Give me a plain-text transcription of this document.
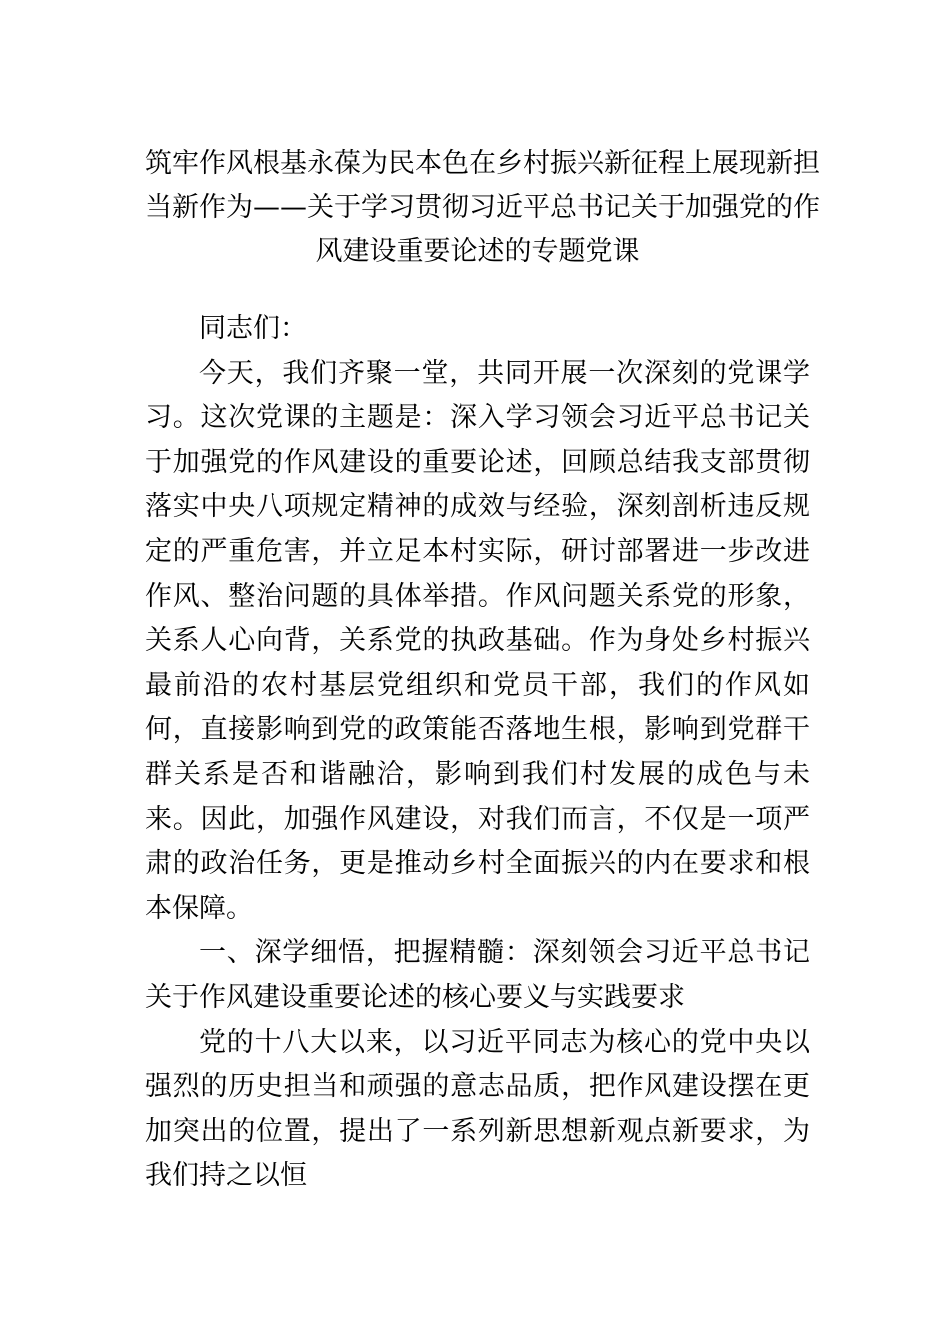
筑牢作风根基永葆为民本色在乡村振兴新征程上展现新担
当新作为——关于学习贯彻习近平总书记关于加强党的作
风建设重要论述的专题党课

同志们：

今天，我们齐聚一堂，共同开展一次深刻的党课学习。这次党课的主题是：深入学习领会习近平总书记关于加强党的作风建设的重要论述，回顾总结我支部贯彻落实中央八项规定精神的成效与经验，深刻剖析违反规定的严重危害，并立足本村实际，研讨部署进一步改进作风、整治问题的具体举措。作风问题关系党的形象，关系人心向背，关系党的执政基础。作为身处乡村振兴最前沿的农村基层党组织和党员干部，我们的作风如何，直接影响到党的政策能否落地生根，影响到党群干群关系是否和谐融洽，影响到我们村发展的成色与未来。因此，加强作风建设，对我们而言，不仅是一项严肃的政治任务，更是推动乡村全面振兴的内在要求和根本保障。

一、深学细悟，把握精髓：深刻领会习近平总书记关于作风建设重要论述的核心要义与实践要求

党的十八大以来，以习近平同志为核心的党中央以强烈的历史担当和顽强的意志品质，把作风建设摆在更加突出的位置，提出了一系列新思想新观点新要求，为我们持之以恒
